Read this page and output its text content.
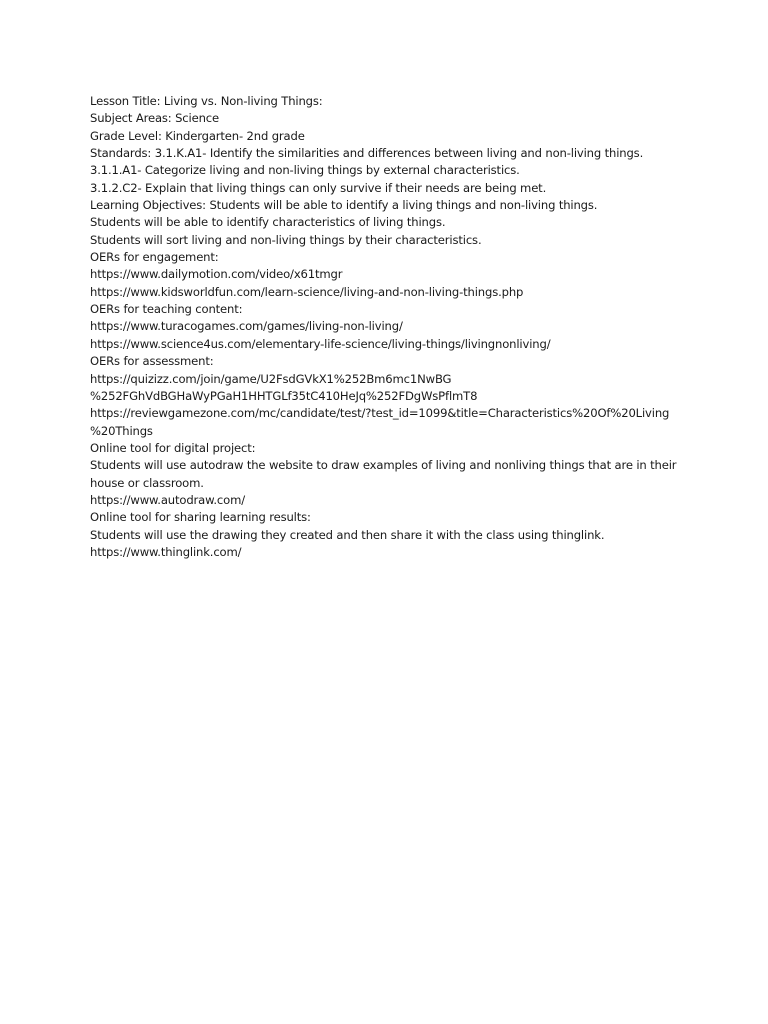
Lesson Title: Living vs. Non-living Things:
Subject Areas: Science
Grade Level: Kindergarten- 2nd grade
Standards: 3.1.K.A1- Identify the similarities and differences between living and non-living things.
3.1.1.A1- Categorize living and non-living things by external characteristics.
3.1.2.C2- Explain that living things can only survive if their needs are being met.
Learning Objectives: Students will be able to identify a living things and non-living things.
Students will be able to identify characteristics of living things.
Students will sort living and non-living things by their characteristics.
OERs for engagement:
https://www.dailymotion.com/video/x61tmgr
https://www.kidsworldfun.com/learn-science/living-and-non-living-things.php
OERs for teaching content:
https://www.turacogames.com/games/living-non-living/
https://www.science4us.com/elementary-life-science/living-things/livingnonliving/
OERs for assessment:
https://quizizz.com/join/game/U2FsdGVkX1%252Bm6mc1NwBG
%252FGhVdBGHaWyPGaH1HHTGLf35tC410HeJq%252FDgWsPflmT8
https://reviewgamezone.com/mc/candidate/test/?test_id=1099&title=Characteristics%20Of%20Living
%20Things
Online tool for digital project:
Students will use autodraw the website to draw examples of living and nonliving things that are in their
house or classroom.
https://www.autodraw.com/
Online tool for sharing learning results:
Students will use the drawing they created and then share it with the class using thinglink.
https://www.thinglink.com/
